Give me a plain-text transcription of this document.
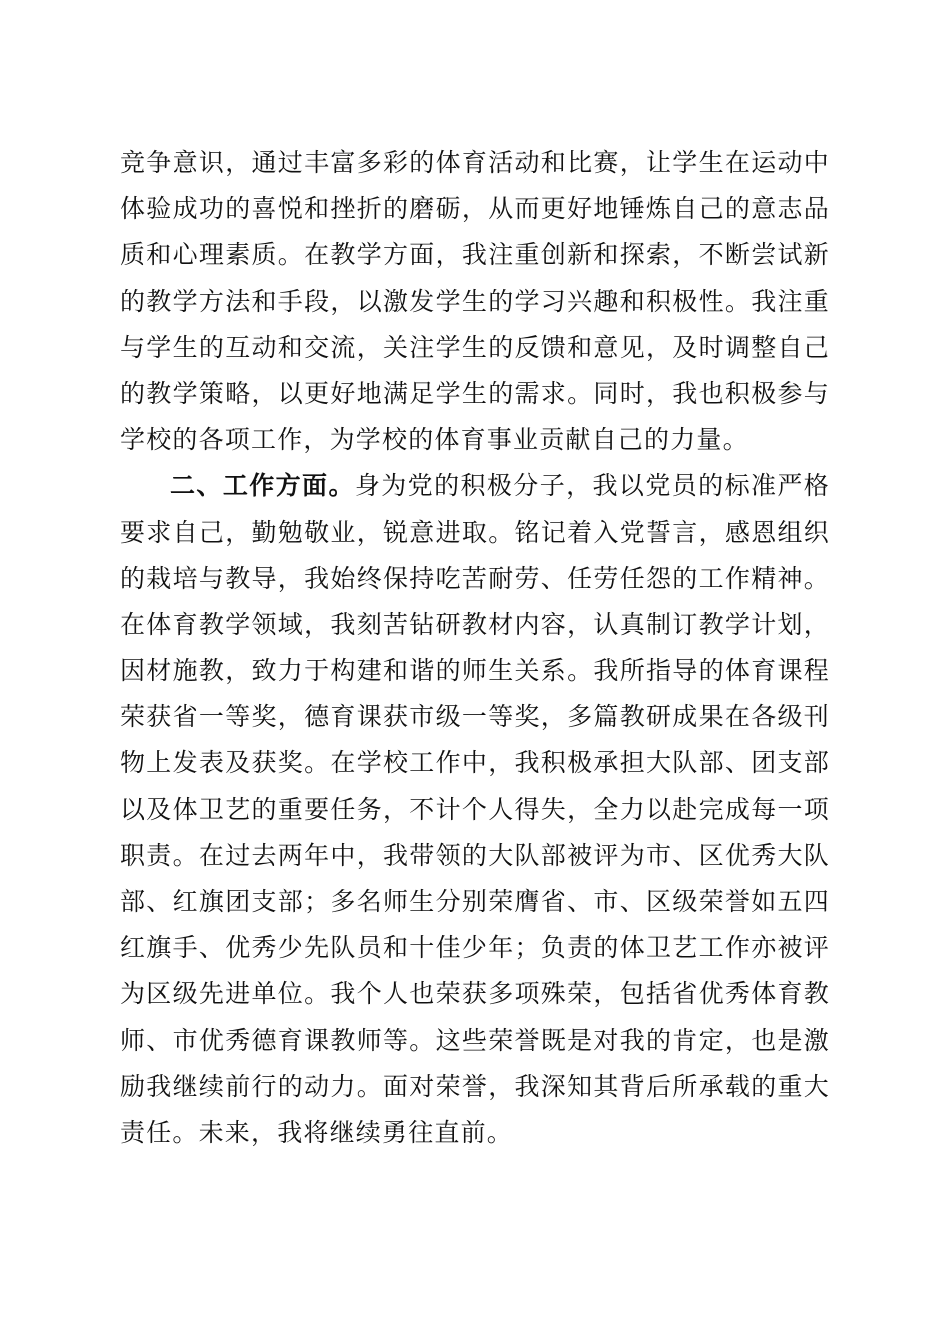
竞争意识，通过丰富多彩的体育活动和比赛，让学生在运动中
体验成功的喜悦和挫折的磨砺，从而更好地锤炼自己的意志品
质和心理素质。在教学方面，我注重创新和探索，不断尝试新
的教学方法和手段，以激发学生的学习兴趣和积极性。我注重
与学生的互动和交流，关注学生的反馈和意见，及时调整自己
的教学策略，以更好地满足学生的需求。同时，我也积极参与
学校的各项工作，为学校的体育事业贡献自己的力量。
二、工作方面。身为党的积极分子，我以党员的标准严格
要求自己，勤勉敬业，锐意进取。铭记着入党誓言，感恩组织
的栽培与教导，我始终保持吃苦耐劳、任劳任怨的工作精神。
在体育教学领域，我刻苦钻研教材内容，认真制订教学计划，
因材施教，致力于构建和谐的师生关系。我所指导的体育课程
荣获省一等奖，德育课获市级一等奖，多篇教研成果在各级刊
物上发表及获奖。在学校工作中，我积极承担大队部、团支部
以及体卫艺的重要任务，不计个人得失，全力以赴完成每一项
职责。在过去两年中，我带领的大队部被评为市、区优秀大队
部、红旗团支部；多名师生分别荣膺省、市、区级荣誉如五四
红旗手、优秀少先队员和十佳少年；负责的体卫艺工作亦被评
为区级先进单位。我个人也荣获多项殊荣，包括省优秀体育教
师、市优秀德育课教师等。这些荣誉既是对我的肯定，也是激
励我继续前行的动力。面对荣誉，我深知其背后所承载的重大
责任。未来，我将继续勇往直前。
